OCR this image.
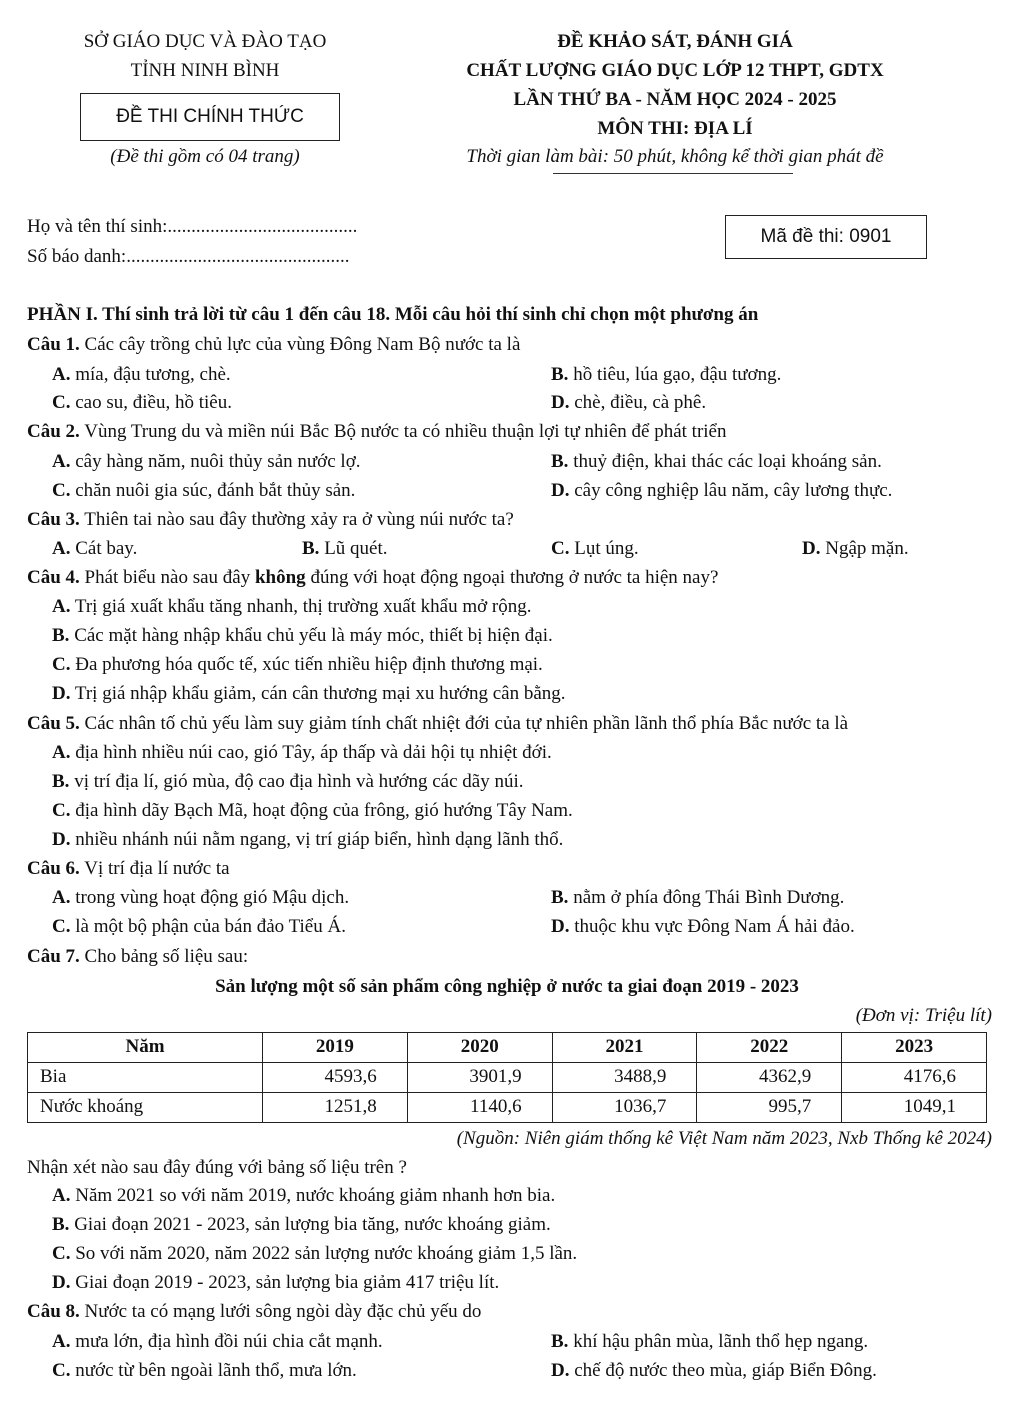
SỞ GIÁO DỤC VÀ ĐÀO TẠO
TỈNH NINH BÌNH
ĐỀ THI CHÍNH THỨC
(Đề thi gồm có 04 trang)
ĐỀ KHẢO SÁT, ĐÁNH GIÁ
CHẤT LƯỢNG GIÁO DỤC LỚP 12 THPT, GDTX
LẦN THỨ BA - NĂM HỌC 2024 - 2025
MÔN THI: ĐỊA LÍ
Thời gian làm bài: 50 phút, không kể thời gian phát đề
Họ và tên thí sinh:........................................
Số báo danh:...............................................
Mã đề thi: 0901
PHẦN I. Thí sinh trả lời từ câu 1 đến câu 18. Mỗi câu hỏi thí sinh chỉ chọn một phương án
Câu 1. Các cây trồng chủ lực của vùng Đông Nam Bộ nước ta là
A. mía, đậu tương, chè.	B. hồ tiêu, lúa gạo, đậu tương.
C. cao su, điều, hồ tiêu.	D. chè, điều, cà phê.
Câu 2. Vùng Trung du và miền núi Bắc Bộ nước ta có nhiều thuận lợi tự nhiên để phát triển
A. cây hàng năm, nuôi thủy sản nước lợ.	B. thuỷ điện, khai thác các loại khoáng sản.
C. chăn nuôi gia súc, đánh bắt thủy sản.	D. cây công nghiệp lâu năm, cây lương thực.
Câu 3. Thiên tai nào sau đây thường xảy ra ở vùng núi nước ta?
A. Cát bay.	B. Lũ quét.	C. Lụt úng.	D. Ngập mặn.
Câu 4. Phát biểu nào sau đây không đúng với hoạt động ngoại thương ở nước ta hiện nay?
A. Trị giá xuất khẩu tăng nhanh, thị trường xuất khẩu mở rộng.
B. Các mặt hàng nhập khẩu chủ yếu là máy móc, thiết bị hiện đại.
C. Đa phương hóa quốc tế, xúc tiến nhiều hiệp định thương mại.
D. Trị giá nhập khẩu giảm, cán cân thương mại xu hướng cân bằng.
Câu 5. Các nhân tố chủ yếu làm suy giảm tính chất nhiệt đới của tự nhiên phần lãnh thổ phía Bắc nước ta là
A. địa hình nhiều núi cao, gió Tây, áp thấp và dải hội tụ nhiệt đới.
B. vị trí địa lí, gió mùa, độ cao địa hình và hướng các dãy núi.
C. địa hình dãy Bạch Mã, hoạt động của frông, gió hướng Tây Nam.
D. nhiều nhánh núi nằm ngang, vị trí giáp biển, hình dạng lãnh thổ.
Câu 6. Vị trí địa lí nước ta
A. trong vùng hoạt động gió Mậu dịch.	B. nằm ở phía đông Thái Bình Dương.
C. là một bộ phận của bán đảo Tiểu Á.	D. thuộc khu vực Đông Nam Á hải đảo.
Câu 7. Cho bảng số liệu sau:
Sản lượng một số sản phẩm công nghiệp ở nước ta giai đoạn 2019 - 2023
(Đơn vị: Triệu lít)
Năm	2019	2020	2021	2022	2023
Bia	4593,6	3901,9	3488,9	4362,9	4176,6
Nước khoáng	1251,8	1140,6	1036,7	995,7	1049,1
(Nguồn: Niên giám thống kê Việt Nam năm 2023, Nxb Thống kê 2024)
Nhận xét nào sau đây đúng với bảng số liệu trên ?
A. Năm 2021 so với năm 2019, nước khoáng giảm nhanh hơn bia.
B. Giai đoạn 2021 - 2023, sản lượng bia tăng, nước khoáng giảm.
C. So với năm 2020, năm 2022 sản lượng nước khoáng giảm 1,5 lần.
D. Giai đoạn 2019 - 2023, sản lượng bia giảm 417 triệu lít.
Câu 8. Nước ta có mạng lưới sông ngòi dày đặc chủ yếu do
A. mưa lớn, địa hình đồi núi chia cắt mạnh.	B. khí hậu phân mùa, lãnh thổ hẹp ngang.
C. nước từ bên ngoài lãnh thổ, mưa lớn.	D. chế độ nước theo mùa, giáp Biển Đông.
